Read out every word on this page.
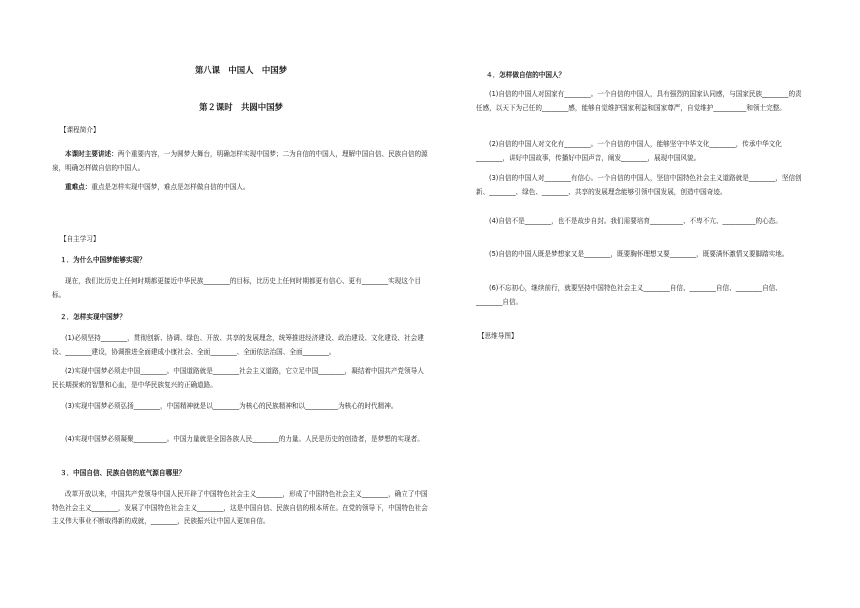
第八课　中国人　中国梦
第２课时　共圆中国梦
【课程简介】
本课时主要讲述：两个重要内容，一为圆梦大舞台，明确怎样实现中国梦；二为自信的中国人，理解中国自信、民族自信的源泉，明确怎样做自信的中国人。
重难点：重点是怎样实现中国梦，难点是怎样做自信的中国人。
【自主学习】
１．为什么中国梦能够实现？
现在，我们比历史上任何时期都更接近中华民族________的目标，比历史上任何时期都更有信心、更有________实现这个目标。
２．怎样实现中国梦？
(1)必须坚持________，贯彻创新、协调、绿色、开放、共享的发展理念，统筹推进经济建设、政治建设、文化建设、社会建设、________建设，协调推进全面建成小康社会、全面________、全面依法治国、全面________。
(2)实现中国梦必须走中国________。中国道路就是________社会主义道路，它立足中国________，凝结着中国共产党领导人民长期探索的智慧和心血，是中华民族复兴的正确道路。
(3)实现中国梦必须弘扬________，中国精神就是以________为核心的民族精神和以__________为核心的时代精神。
(4)实现中国梦必须凝聚__________。中国力量就是全国各族人民________的力量。人民是历史的创造者，是梦想的实现者。
３．中国自信、民族自信的底气源自哪里？
改革开放以来，中国共产党领导中国人民开辟了中国特色社会主义________，形成了中国特色社会主义________，确立了中国特色社会主义________，发展了中国特色社会主义________，这是中国自信、民族自信的根本所在。在党的领导下，中国特色社会主义伟大事业不断取得新的成就，________，民族振兴让中国人更加自信。
４．怎样做自信的中国人？
(1)自信的中国人对国家有________。一个自信的中国人，具有强烈的国家认同感，与国家民族________的责任感，以天下为己任的________感，能够自觉维护国家利益和国家尊严，自觉维护__________和领土完整。
(2)自信的中国人对文化有________。一个自信的中国人，能够坚守中华文化________，传承中华文化________，讲好中国故事，传播好中国声音，阐发________，展现中国风貌。
(3)自信的中国人对________有信心。一个自信的中国人，坚信中国特色社会主义道路就是________，坚信创新、________、绿色、________、共享的发展理念能够引领中国发展，创造中国奇迹。
(4)自信不是________，也不是故步自封。我们需要培育__________、不卑不亢、__________的心态。
(5)自信的中国人既是梦想家又是________，既要胸怀理想又要________，既要满怀激情又要脚踏实地。
(6)不忘初心，继续前行，就要坚持中国特色社会主义________自信、________自信、________自信、________自信。
【思维导图】
